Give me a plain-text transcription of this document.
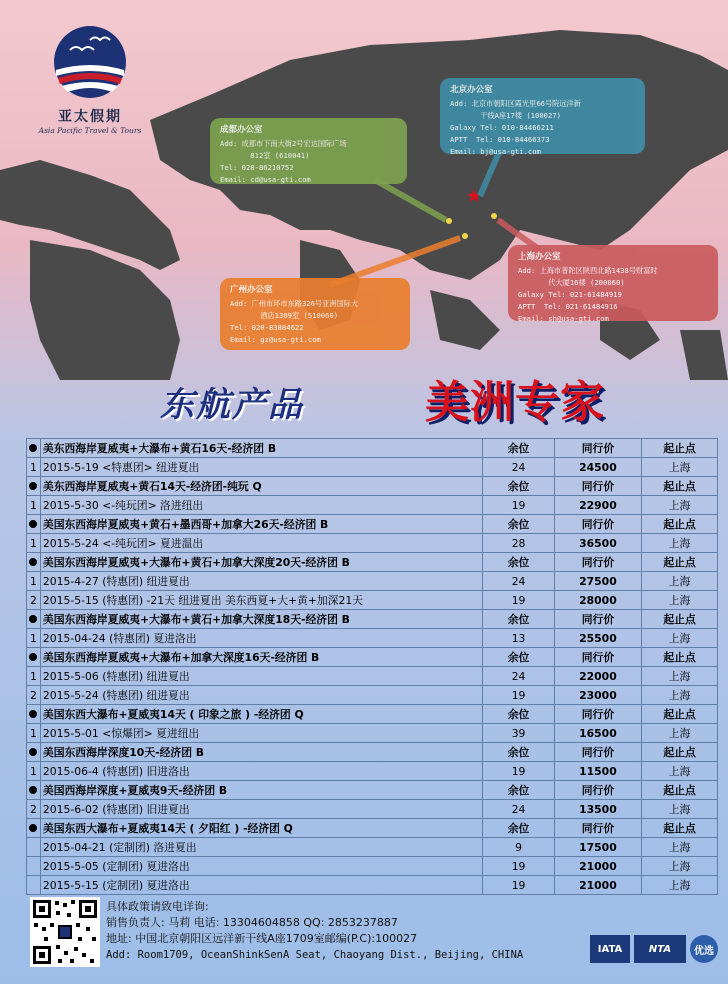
亚太假期
Asia Pacific Travel & Tours
北京办公室
Add: 北京市朝阳区霞光里66号院远洋新
干线A座17楼 (100027)
Galaxy Tel: 010-84466211
APTT  Tel: 010-84466373
Email: bj@usa-gti.com
成都办公室
Add: 成都市下南大街2号宏达国际广场
812室 (610041)
Tel: 028-86210752
Email: cd@usa-gti.com
上海办公室
Add: 上海市普陀区陕西北路1438号财富时
代大厦16楼 (200060)
Galaxy Tel: 021-61484919
APTT  Tel: 021-61484916
Email: sh@usa-gti.com
广州办公室
Add: 广州市环市东路326号亚洲国际大
酒店1309室 (510060)
Tel: 020-83884622
Email: gz@usa-gti.com
东航产品	美洲专家
	美东西海岸夏威夷+大瀑布+黄石16天-经济团 B	余位	同行价	起止点
1	2015-5-19 <特惠团> 纽进夏出	24	24500	上海
	美东西海岸夏威夷+黄石14天-经济团-纯玩 Q	余位	同行价	起止点
1	2015-5-30 <-纯玩团> 洛进纽出	19	22900	上海
	美国东西海岸夏威夷+黄石+墨西哥+加拿大26天-经济团 B	余位	同行价	起止点
1	2015-5-24 <-纯玩团> 夏进温出	28	36500	上海
	美国东西海岸夏威夷+大瀑布+黄石+加拿大深度20天-经济团 B	余位	同行价	起止点
1	2015-4-27 (特惠团) 纽进夏出	24	27500	上海
2	2015-5-15 (特惠团) -21天 纽进夏出 美东西夏+大+黄+加深21天	19	28000	上海
	美国东西海岸夏威夷+大瀑布+黄石+加拿大深度18天-经济团 B	余位	同行价	起止点
1	2015-04-24 (特惠团) 夏进洛出	13	25500	上海
	美国东西海岸夏威夷+大瀑布+加拿大深度16天-经济团 B	余位	同行价	起止点
1	2015-5-06 (特惠团) 纽进夏出	24	22000	上海
2	2015-5-24 (特惠团) 纽进夏出	19	23000	上海
	美国东西大瀑布+夏威夷14天 ( 印象之旅 ) -经济团 Q	余位	同行价	起止点
1	2015-5-01 <惊爆团> 夏进纽出	39	16500	上海
	美国东西海岸深度10天-经济团 B	余位	同行价	起止点
1	2015-06-4 (特惠团) 旧进洛出	19	11500	上海
	美国西海岸深度+夏威夷9天-经济团 B	余位	同行价	起止点
2	2015-6-02 (特惠团) 旧进夏出	24	13500	上海
	美国东西大瀑布+夏威夷14天 ( 夕阳红 ) -经济团 Q	余位	同行价	起止点
	2015-04-21 (定制团) 洛进夏出	9	17500	上海
	2015-5-05 (定制团) 夏进洛出	19	21000	上海
	2015-5-15 (定制团) 夏进洛出	19	21000	上海
具体政策请致电详询:
销售负责人: 马莉 电话: 13304604858 QQ: 2853237887
地址: 中国北京朝阳区远洋新干线A座1709室邮编(P.C):100027
Add: Room1709, OceanShinkSenA Seat, Chaoyang Dist., Beijing, CHINA	IATA	NTA	优选
